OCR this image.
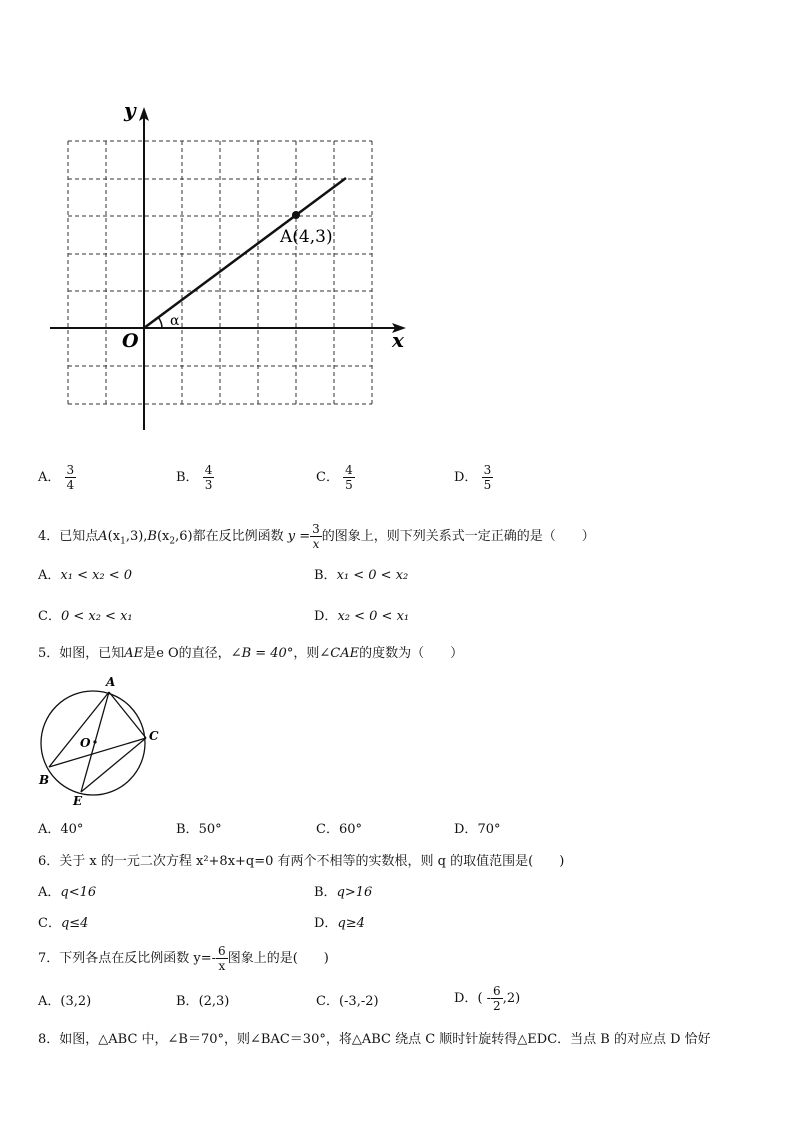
y
x
O
A(4,3)
α
A． $\frac{3}{4}$	B． $\frac{4}{3}$	C． $\frac{4}{5}$	D． $\frac{3}{5}$
4．已知点$A(x_1,3),B(x_2,6)$都在反比例函数 $y = \frac{3}{x}$ 的图象上，则下列关系式一定正确的是（　　）
A．x₁ < x₂ < 0	B．x₁ < 0 < x₂
C．0 < x₂ < x₁	D．x₂ < 0 < x₁
5．如图，已知AE是e O的直径，∠B = 40°，则∠CAE的度数为（　　）
A
O	C
B
E
A．40°	B．50°	C．60°	D．70°
6．关于 x 的一元二次方程 x²+8x+q=0 有两个不相等的实数根，则 q 的取值范围是(　　)
A．q<16	B．q>16
C．q≤4	D．q≥4
7．下列各点在反比例函数 $y=- \frac{6}{x}$ 图象上的是(　　)
A．(3,2)	B．(2,3)	C．(-3,-2)	D．( - $\frac{6}{2} ,2$)
8．如图，△ABC 中，∠B＝70°，则∠BAC＝30°，将△ABC 绕点 C 顺时针旋转得△EDC．当点 B 的对应点 D 恰好
